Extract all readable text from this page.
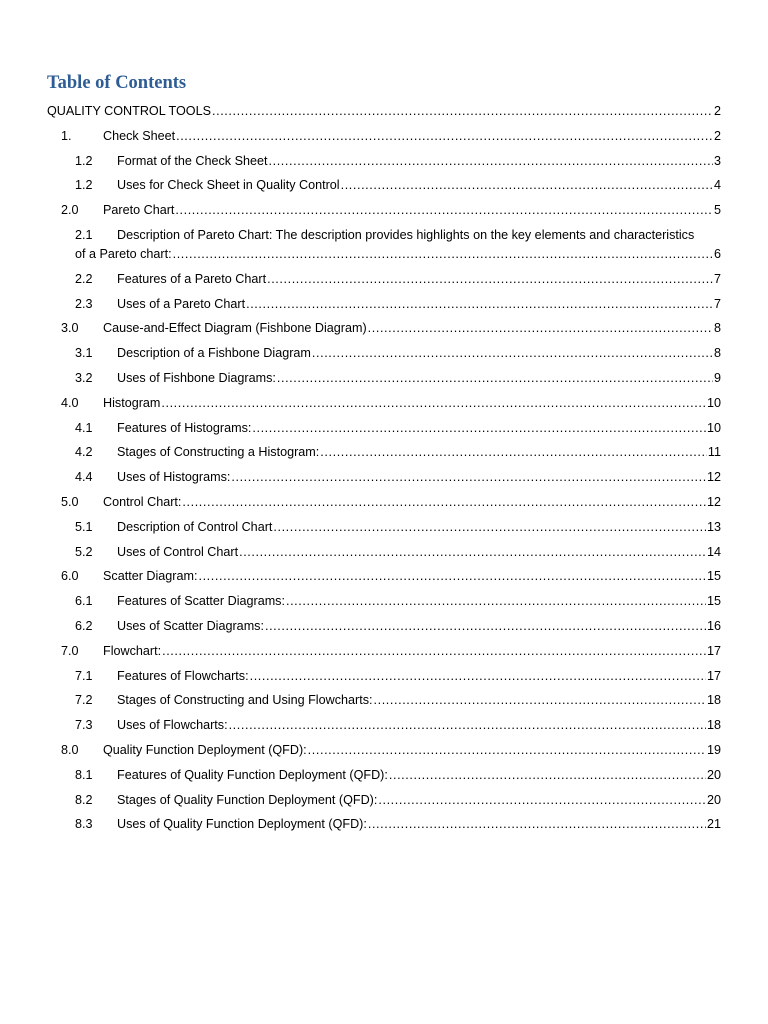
Table of Contents
QUALITY CONTROL TOOLS .....	2
1.	Check Sheet .....	2
1.2	Format of the Check Sheet .....	3
1.2	Uses for Check Sheet in Quality Control .....	4
2.0	Pareto Chart .....	5
2.1	Description of Pareto Chart: The description provides highlights on the key elements and characteristics
of a Pareto chart: .....	6
2.2	Features of a Pareto Chart .....	7
2.3	Uses of a Pareto Chart .....	7
3.0	Cause-and-Effect Diagram (Fishbone Diagram) .....	8
3.1	Description of a Fishbone Diagram .....	8
3.2	Uses of Fishbone Diagrams: .....	9
4.0	Histogram .....	10
4.1	Features of Histograms: .....	10
4.2	Stages of Constructing a Histogram: .....	11
4.4	Uses of Histograms: .....	12
5.0	Control Chart: .....	12
5.1	Description of Control Chart .....	13
5.2	Uses of Control Chart .....	14
6.0	Scatter Diagram: .....	15
6.1	Features of Scatter Diagrams: .....	15
6.2	Uses of Scatter Diagrams: .....	16
7.0	Flowchart: .....	17
7.1	Features of Flowcharts: .....	17
7.2	Stages of Constructing and Using Flowcharts: .....	18
7.3	Uses of Flowcharts: .....	18
8.0	Quality Function Deployment (QFD): .....	19
8.1	Features of Quality Function Deployment (QFD): .....	20
8.2	Stages of Quality Function Deployment (QFD): .....	20
8.3	Uses of Quality Function Deployment (QFD): .....	21
